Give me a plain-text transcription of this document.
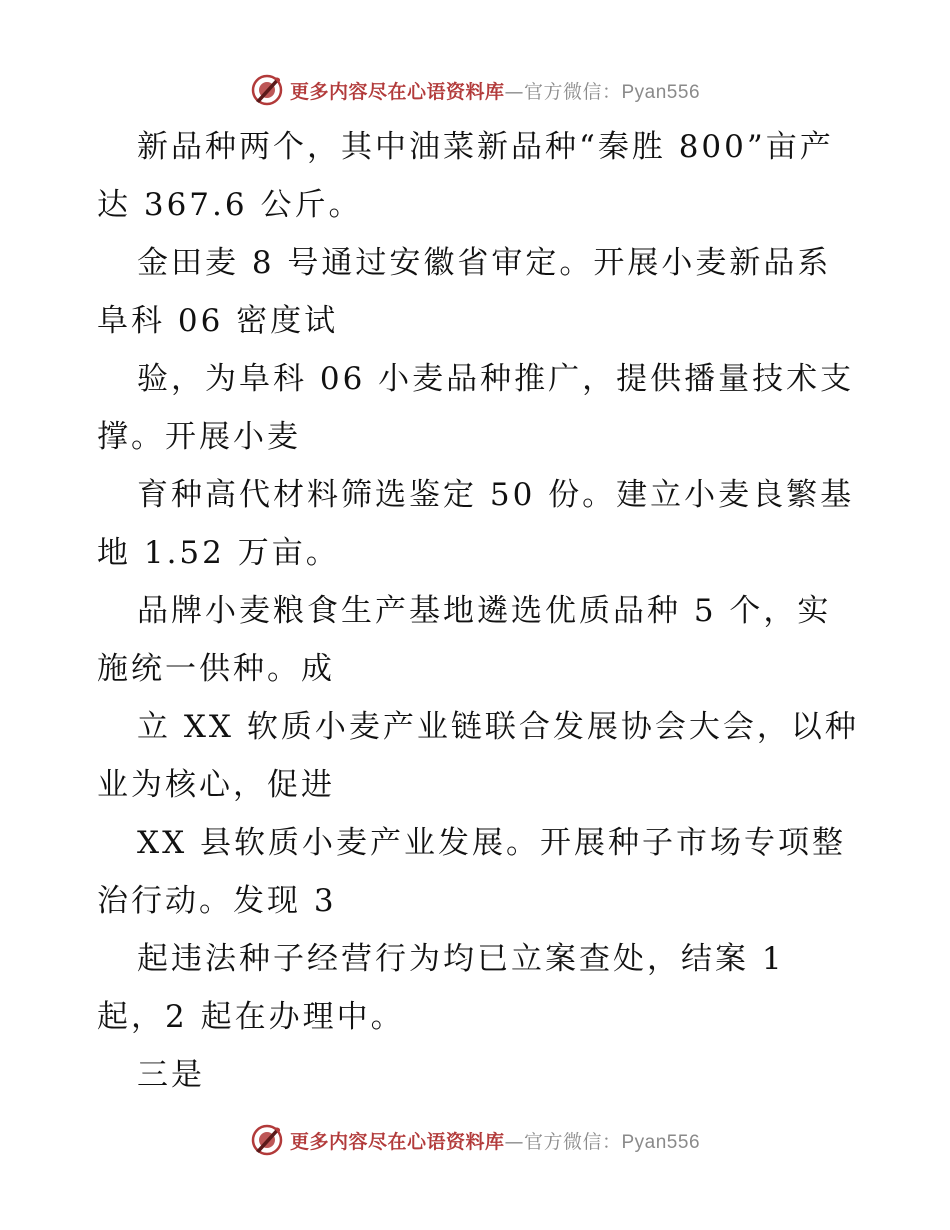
更多内容尽在心语资料库—官方微信：Pyan556
新品种两个，其中油菜新品种“秦胜 800”亩产
达 367.6 公斤。
金田麦 8 号通过安徽省审定。开展小麦新品系
阜科 06 密度试
验，为阜科 06 小麦品种推广，提供播量技术支
撑。开展小麦
育种高代材料筛选鉴定 50 份。建立小麦良繁基
地 1.52 万亩。
品牌小麦粮食生产基地遴选优质品种 5 个，实
施统一供种。成
立 XX 软质小麦产业链联合发展协会大会，以种
业为核心，促进
XX 县软质小麦产业发展。开展种子市场专项整
治行动。发现 3
起违法种子经营行为均已立案查处，结案 1
起，2 起在办理中。
三是
更多内容尽在心语资料库—官方微信：Pyan556
